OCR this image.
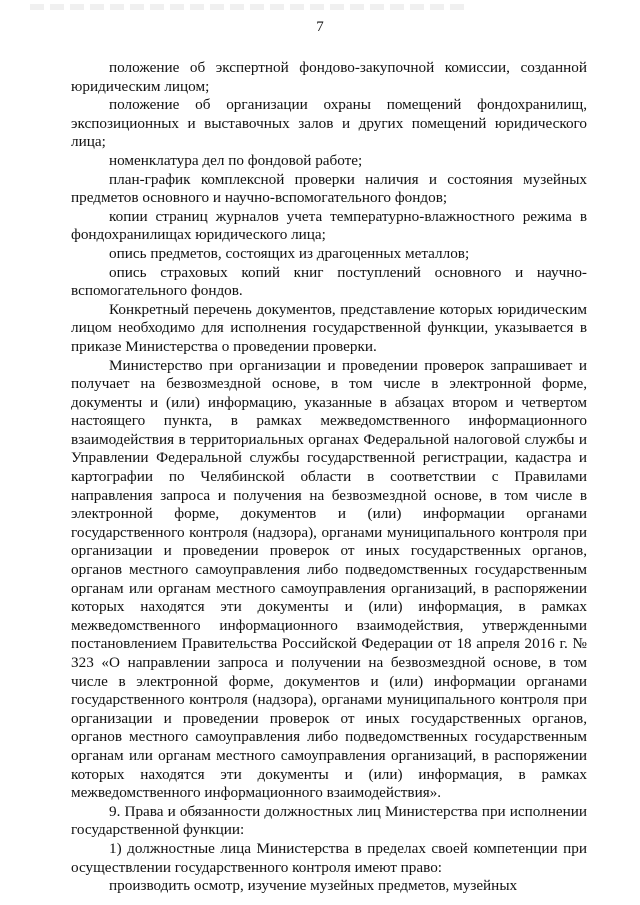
7

положение об экспертной фондово-закупочной комиссии, созданной юридическим лицом;

положение об организации охраны помещений фондохранилищ, экспозиционных и выставочных залов и других помещений юридического лица;

номенклатура дел по фондовой работе;

план-график комплексной проверки наличия и состояния музейных предметов основного и научно-вспомогательного фондов;

копии страниц журналов учета температурно-влажностного режима в фондохранилищах юридического лица;

опись предметов, состоящих из драгоценных металлов;

опись страховых копий книг поступлений основного и научно-вспомогательного фондов.

Конкретный перечень документов, представление которых юридическим лицом необходимо для исполнения государственной функции, указывается в приказе Министерства о проведении проверки.

Министерство при организации и проведении проверок запрашивает и получает на безвозмездной основе, в том числе в электронной форме, документы и (или) информацию, указанные в абзацах втором и четвертом настоящего пункта, в рамках межведомственного информационного взаимодействия в территориальных органах Федеральной налоговой службы и Управлении Федеральной службы государственной регистрации, кадастра и картографии по Челябинской области в соответствии с Правилами направления запроса и получения на безвозмездной основе, в том числе в электронной форме, документов и (или) информации органами государственного контроля (надзора), органами муниципального контроля при организации и проведении проверок от иных государственных органов, органов местного самоуправления либо подведомственных государственным органам или органам местного самоуправления организаций, в распоряжении которых находятся эти документы и (или) информация, в рамках межведомственного информационного взаимодействия, утвержденными постановлением Правительства Российской Федерации от 18 апреля 2016 г. № 323 «О направлении запроса и получении на безвозмездной основе, в том числе в электронной форме, документов и (или) информации органами государственного контроля (надзора), органами муниципального контроля при организации и проведении проверок от иных государственных органов, органов местного самоуправления либо подведомственных государственным органам или органам местного самоуправления организаций, в распоряжении которых находятся эти документы и (или) информация, в рамках межведомственного информационного взаимодействия».

9. Права и обязанности должностных лиц Министерства при исполнении государственной функции:

1) должностные лица Министерства в пределах своей компетенции при осуществлении государственного контроля имеют право:

производить осмотр, изучение музейных предметов, музейных
